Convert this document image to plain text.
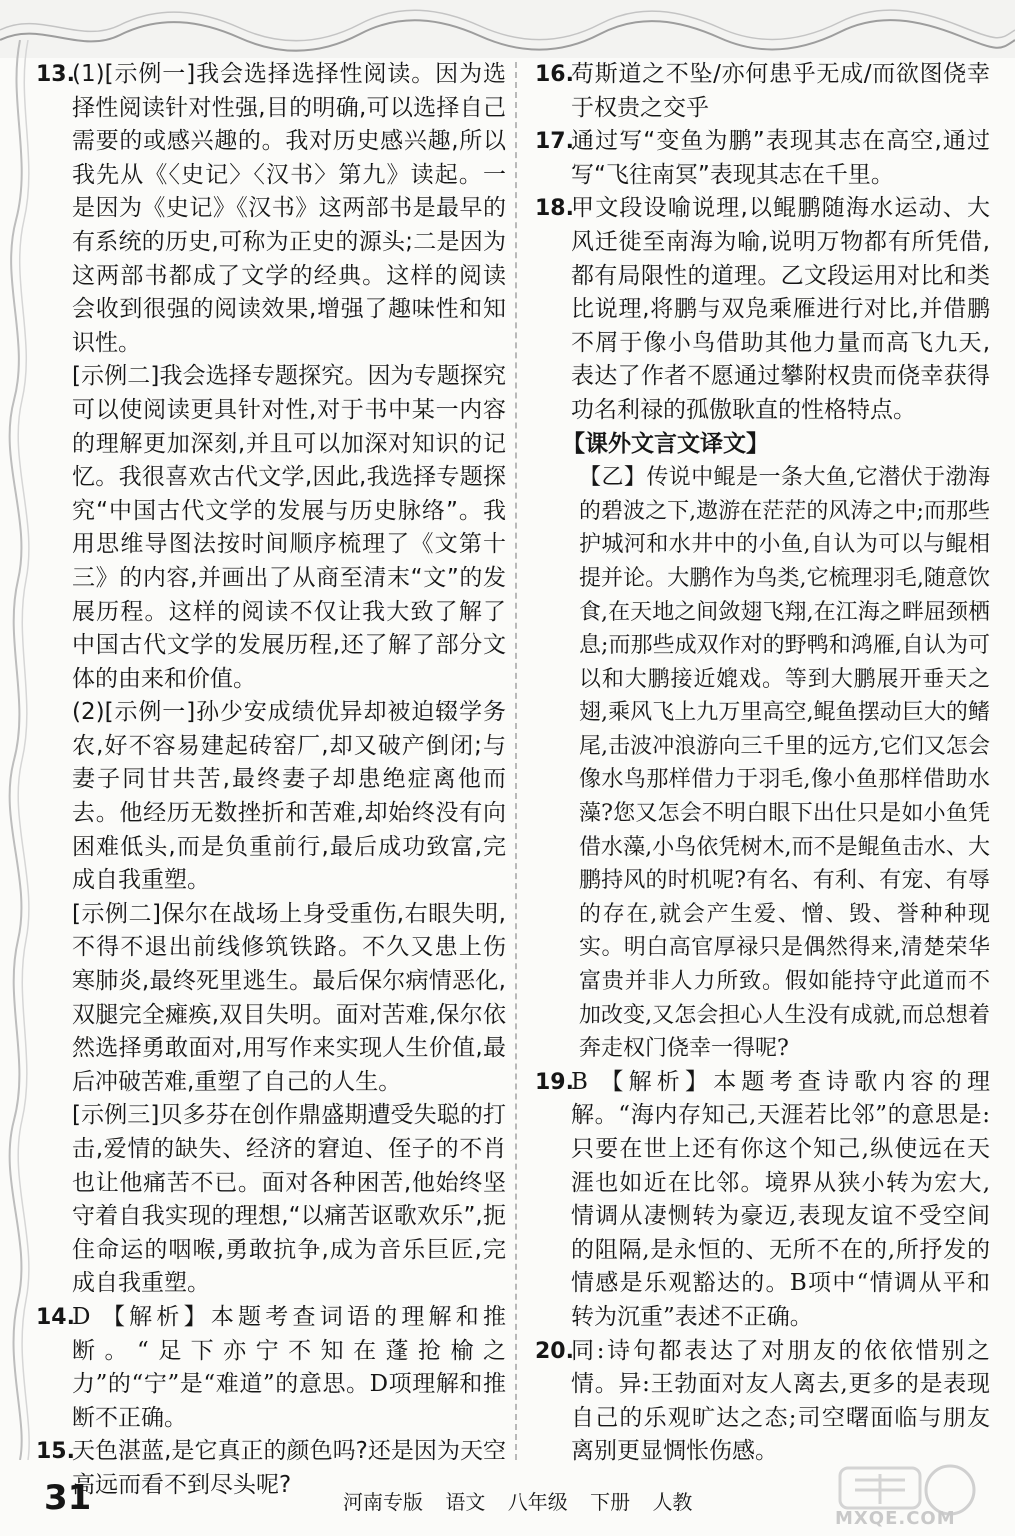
13.
(1)[示例一]我会选择选择性阅读。因为选择性阅读针对性强,目的明确,可以选择自己需要的或感兴趣的。我对历史感兴趣,所以我先从《〈史记〉〈汉书〉第九》读起。一是因为《史记》《汉书》这两部书是最早的有系统的历史,可称为正史的源头;二是因为这两部书都成了文学的经典。这样的阅读会收到很强的阅读效果,增强了趣味性和知识性。
[示例二]我会选择专题探究。因为专题探究可以使阅读更具针对性,对于书中某一内容的理解更加深刻,并且可以加深对知识的记忆。我很喜欢古代文学,因此,我选择专题探究“中国古代文学的发展与历史脉络”。我用思维导图法按时间顺序梳理了《文第十三》的内容,并画出了从商至清末“文”的发展历程。这样的阅读不仅让我大致了解了中国古代文学的发展历程,还了解了部分文体的由来和价值。
(2)[示例一]孙少安成绩优异却被迫辍学务农,好不容易建起砖窑厂,却又破产倒闭;与妻子同甘共苦,最终妻子却患绝症离他而去。他经历无数挫折和苦难,却始终没有向困难低头,而是负重前行,最后成功致富,完成自我重塑。
[示例二]保尔在战场上身受重伤,右眼失明,不得不退出前线修筑铁路。不久又患上伤寒肺炎,最终死里逃生。最后保尔病情恶化,双腿完全瘫痪,双目失明。面对苦难,保尔依然选择勇敢面对,用写作来实现人生价值,最后冲破苦难,重塑了自己的人生。
[示例三]贝多芬在创作鼎盛期遭受失聪的打击,爱情的缺失、经济的窘迫、侄子的不肖也让他痛苦不已。面对各种困苦,他始终坚守着自我实现的理想,“以痛苦讴歌欢乐”,扼住命运的咽喉,勇敢抗争,成为音乐巨匠,完成自我重塑。
14.
D 【解析】本题考查词语的理解和推断。“足下亦宁不知在蓬抢榆之力”的“宁”是“难道”的意思。D项理解和推断不正确。
15.
天色湛蓝,是它真正的颜色吗?还是因为天空高远而看不到尽头呢?
16.
苟斯道之不坠/亦何患乎无成/而欲图侥幸于权贵之交乎
17.
通过写“变鱼为鹏”表现其志在高空,通过写“飞往南冥”表现其志在千里。
18.
甲文段设喻说理,以鲲鹏随海水运动、大风迁徙至南海为喻,说明万物都有所凭借,都有局限性的道理。乙文段运用对比和类比说理,将鹏与双凫乘雁进行对比,并借鹏不屑于像小鸟借助其他力量而高飞九天,表达了作者不愿通过攀附权贵而侥幸获得功名利禄的孤傲耿直的性格特点。
【课外文言文译文】
【乙】传说中鲲是一条大鱼,它潜伏于渤海的碧波之下,遨游在茫茫的风涛之中;而那些护城河和水井中的小鱼,自认为可以与鲲相提并论。大鹏作为鸟类,它梳理羽毛,随意饮食,在天地之间敛翅飞翔,在江海之畔屈颈栖息;而那些成双作对的野鸭和鸿雁,自认为可以和大鹏接近媲戏。等到大鹏展开垂天之翅,乘风飞上九万里高空,鲲鱼摆动巨大的鳍尾,击波冲浪游向三千里的远方,它们又怎会像水鸟那样借力于羽毛,像小鱼那样借助水藻?您又怎会不明白眼下出仕只是如小鱼凭借水藻,小鸟依凭树木,而不是鲲鱼击水、大鹏持风的时机呢?有名、有利、有宠、有辱的存在,就会产生爱、憎、毁、誉种种现实。明白高官厚禄只是偶然得来,清楚荣华富贵并非人力所致。假如能持守此道而不加改变,又怎会担心人生没有成就,而总想着奔走权门侥幸一得呢?
19.
B 【解析】本题考查诗歌内容的理解。“海内存知己,天涯若比邻”的意思是:只要在世上还有你这个知己,纵使远在天涯也如近在比邻。境界从狭小转为宏大,情调从凄恻转为豪迈,表现友谊不受空间的阻隔,是永恒的、无所不在的,所抒发的情感是乐观豁达的。B项中“情调从平和转为沉重”表述不正确。
20.
同:诗句都表达了对朋友的依依惜别之情。异:王勃面对友人离去,更多的是表现自己的乐观旷达之态;司空曙面临与朋友离别更显惆怅伤感。
31	河南专版 语文 八年级 下册 人教
MXQE.COM
